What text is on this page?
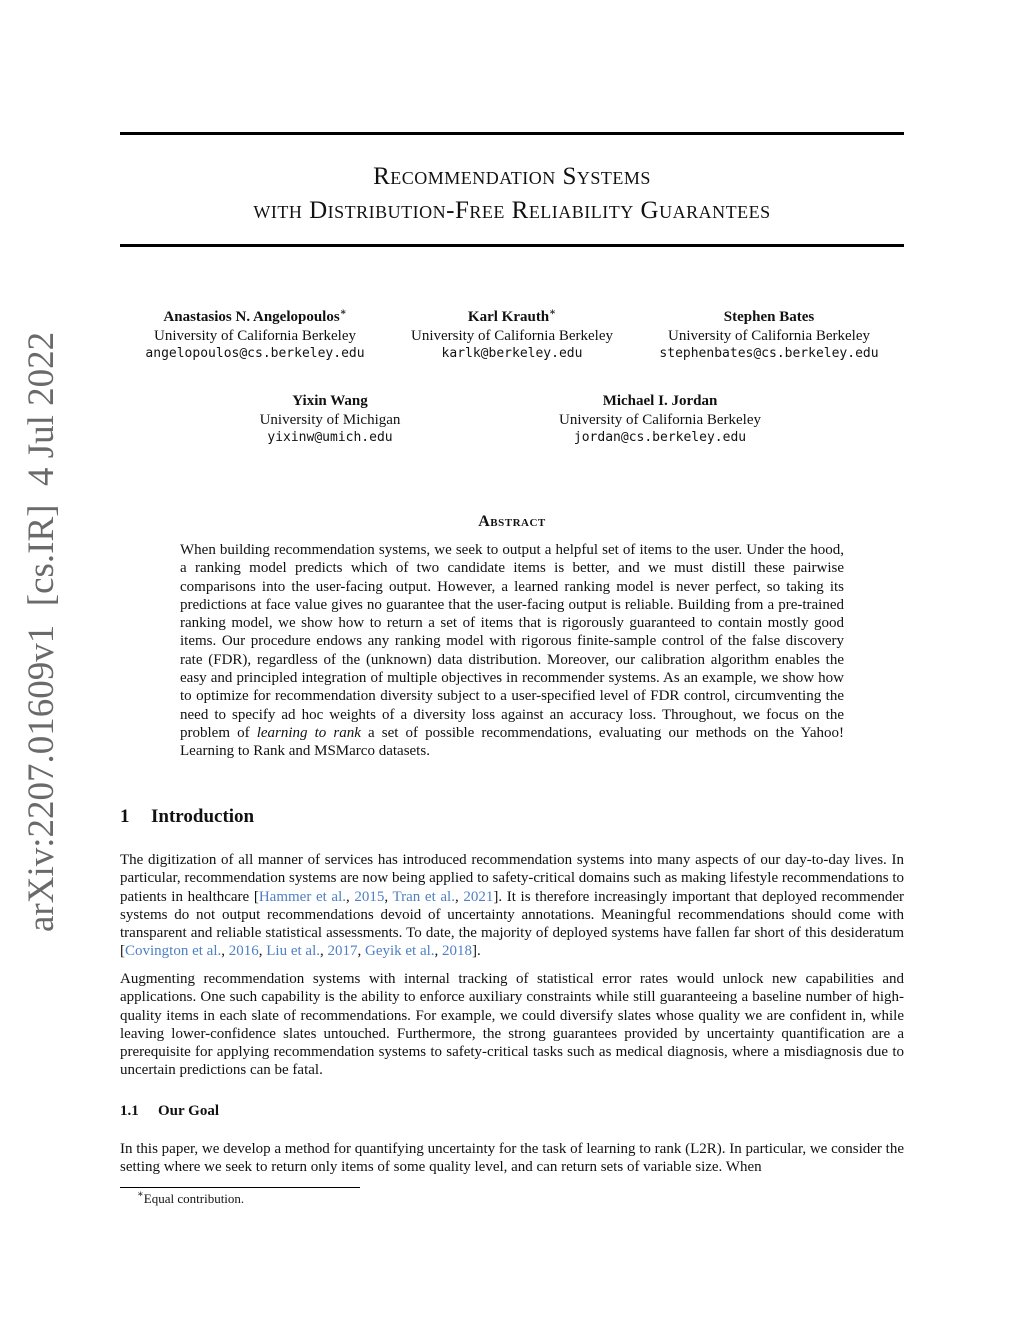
arXiv:2207.01609v1  [cs.IR]  4 Jul 2022
Recommendation Systems
with Distribution-Free Reliability Guarantees
Anastasios N. Angelopoulos∗
University of California Berkeley
angelopoulos@cs.berkeley.edu
Karl Krauth∗
University of California Berkeley
karlk@berkeley.edu
Stephen Bates
University of California Berkeley
stephenbates@cs.berkeley.edu
Yixin Wang
University of Michigan
yixinw@umich.edu
Michael I. Jordan
University of California Berkeley
jordan@cs.berkeley.edu
Abstract

When building recommendation systems, we seek to output a helpful set of items to the user. Under the hood, a ranking model predicts which of two candidate items is better, and we must distill these pairwise comparisons into the user-facing output. However, a learned ranking model is never perfect, so taking its predictions at face value gives no guarantee that the user-facing output is reliable. Building from a pre-trained ranking model, we show how to return a set of items that is rigorously guaranteed to contain mostly good items. Our procedure endows any ranking model with rigorous finite-sample control of the false discovery rate (FDR), regardless of the (unknown) data distribution. Moreover, our calibration algorithm enables the easy and principled integration of multiple objectives in recommender systems. As an example, we show how to optimize for recommendation diversity subject to a user-specified level of FDR control, circumventing the need to specify ad hoc weights of a diversity loss against an accuracy loss. Throughout, we focus on the problem of learning to rank a set of possible recommendations, evaluating our methods on the Yahoo! Learning to Rank and MSMarco datasets.

1 Introduction

The digitization of all manner of services has introduced recommendation systems into many aspects of our day-to-day lives. In particular, recommendation systems are now being applied to safety-critical domains such as making lifestyle recommendations to patients in healthcare [Hammer et al., 2015, Tran et al., 2021]. It is therefore increasingly important that deployed recommender systems do not output recommendations devoid of uncertainty annotations. Meaningful recommendations should come with transparent and reliable statistical assessments. To date, the majority of deployed systems have fallen far short of this desideratum [Covington et al., 2016, Liu et al., 2017, Geyik et al., 2018].

Augmenting recommendation systems with internal tracking of statistical error rates would unlock new capabilities and applications. One such capability is the ability to enforce auxiliary constraints while still guaranteeing a baseline number of high-quality items in each slate of recommendations. For example, we could diversify slates whose quality we are confident in, while leaving lower-confidence slates untouched. Furthermore, the strong guarantees provided by uncertainty quantification are a prerequisite for applying recommendation systems to safety-critical tasks such as medical diagnosis, where a misdiagnosis due to uncertain predictions can be fatal.

1.1 Our Goal

In this paper, we develop a method for quantifying uncertainty for the task of learning to rank (L2R). In particular, we consider the setting where we seek to return only items of some quality level, and can return sets of variable size. When

∗Equal contribution.
